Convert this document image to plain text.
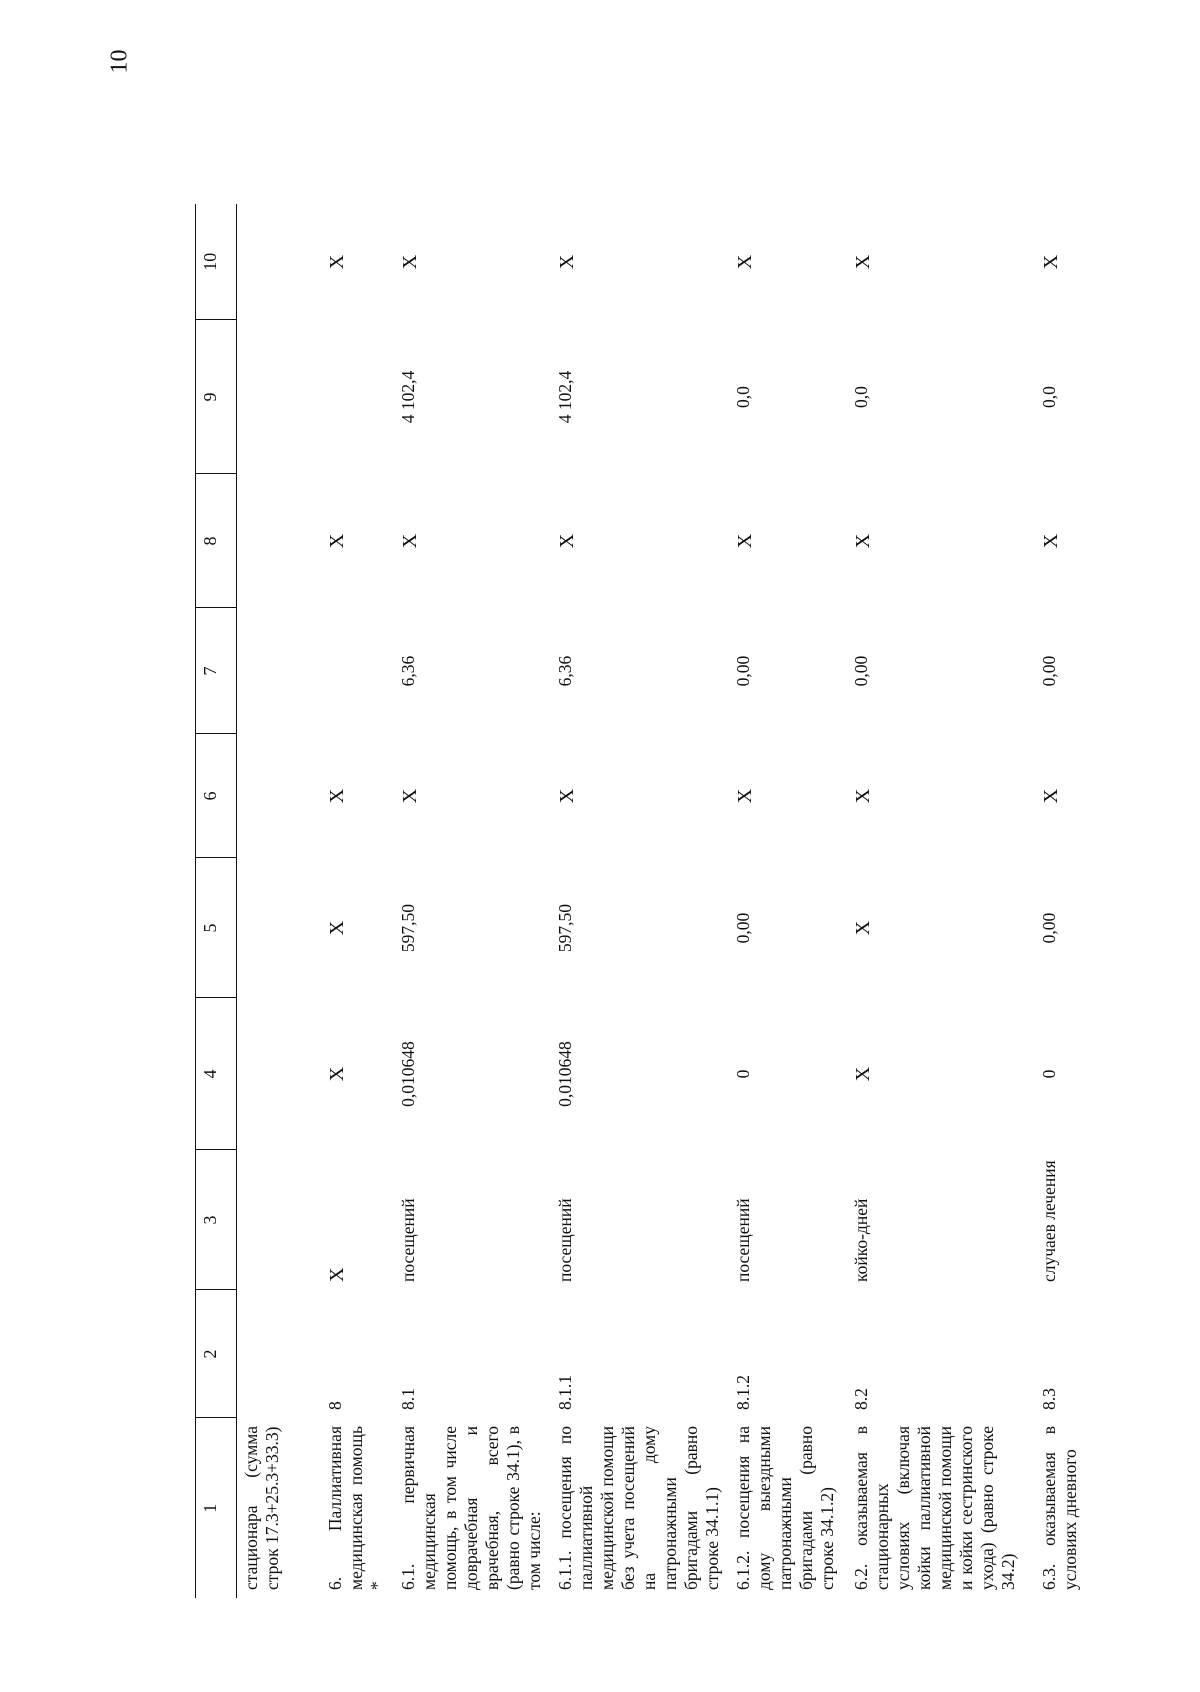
10
1	2	3	4	5	6	7	8	9	10
стационара (сумма строк 17.3+25.3+33.3)									
6. Паллиативная медицинская помощь *	8	X	X	X	X		X		X
6.1. первичная медицинская помощь, в том числе доврачебная и врачебная, всего (равно строке 34.1), в том числе:	8.1	посещений	0,010648	597,50	X	6,36	X	4 102,4	X
6.1.1. посещения по паллиативной медицинской помощи без учета посещений на дому патронажными бригадами (равно строке 34.1.1)	8.1.1	посещений	0,010648	597,50	X	6,36	X	4 102,4	X
6.1.2. посещения на дому выездными патронажными бригадами (равно строке 34.1.2)	8.1.2	посещений	0	0,00	X	0,00	X	0,0	X
6.2. оказываемая в стационарных условиях (включая койки паллиативной медицинской помощи и койки сестринского ухода) (равно строке 34.2)	8.2	койко-дней	X	X	X	0,00	X	0,0	X
6.3. оказываемая в условиях дневного	8.3	случаев лечения	0	0,00	X	0,00	X	0,0	X
